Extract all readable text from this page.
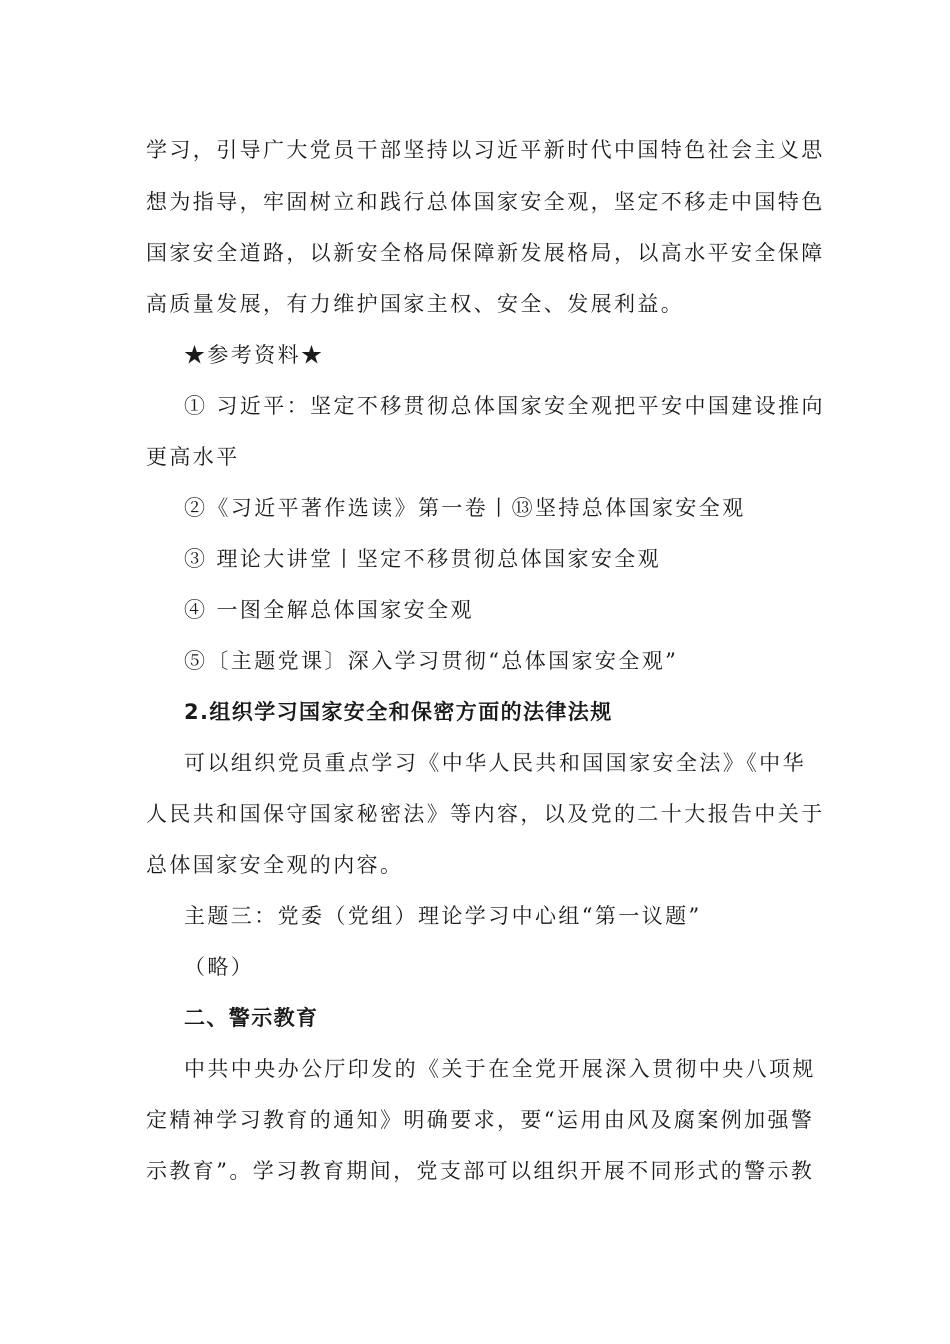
学习，引导广大党员干部坚持以习近平新时代中国特色社会主义思
想为指导，牢固树立和践行总体国家安全观，坚定不移走中国特色
国家安全道路，以新安全格局保障新发展格局，以高水平安全保障
高质量发展，有力维护国家主权、安全、发展利益。
★参考资料★
① 习近平：坚定不移贯彻总体国家安全观把平安中国建设推向
更高水平
②《习近平著作选读》第一卷丨⑬坚持总体国家安全观
③ 理论大讲堂丨坚定不移贯彻总体国家安全观
④ 一图全解总体国家安全观
⑤〔主题党课〕深入学习贯彻“总体国家安全观”
2.组织学习国家安全和保密方面的法律法规
可以组织党员重点学习《中华人民共和国国家安全法》《中华
人民共和国保守国家秘密法》等内容，以及党的二十大报告中关于
总体国家安全观的内容。
主题三：党委（党组）理论学习中心组“第一议题”
（略）
二、警示教育
中共中央办公厅印发的《关于在全党开展深入贯彻中央八项规
定精神学习教育的通知》明确要求，要“运用由风及腐案例加强警
示教育”。学习教育期间，党支部可以组织开展不同形式的警示教
